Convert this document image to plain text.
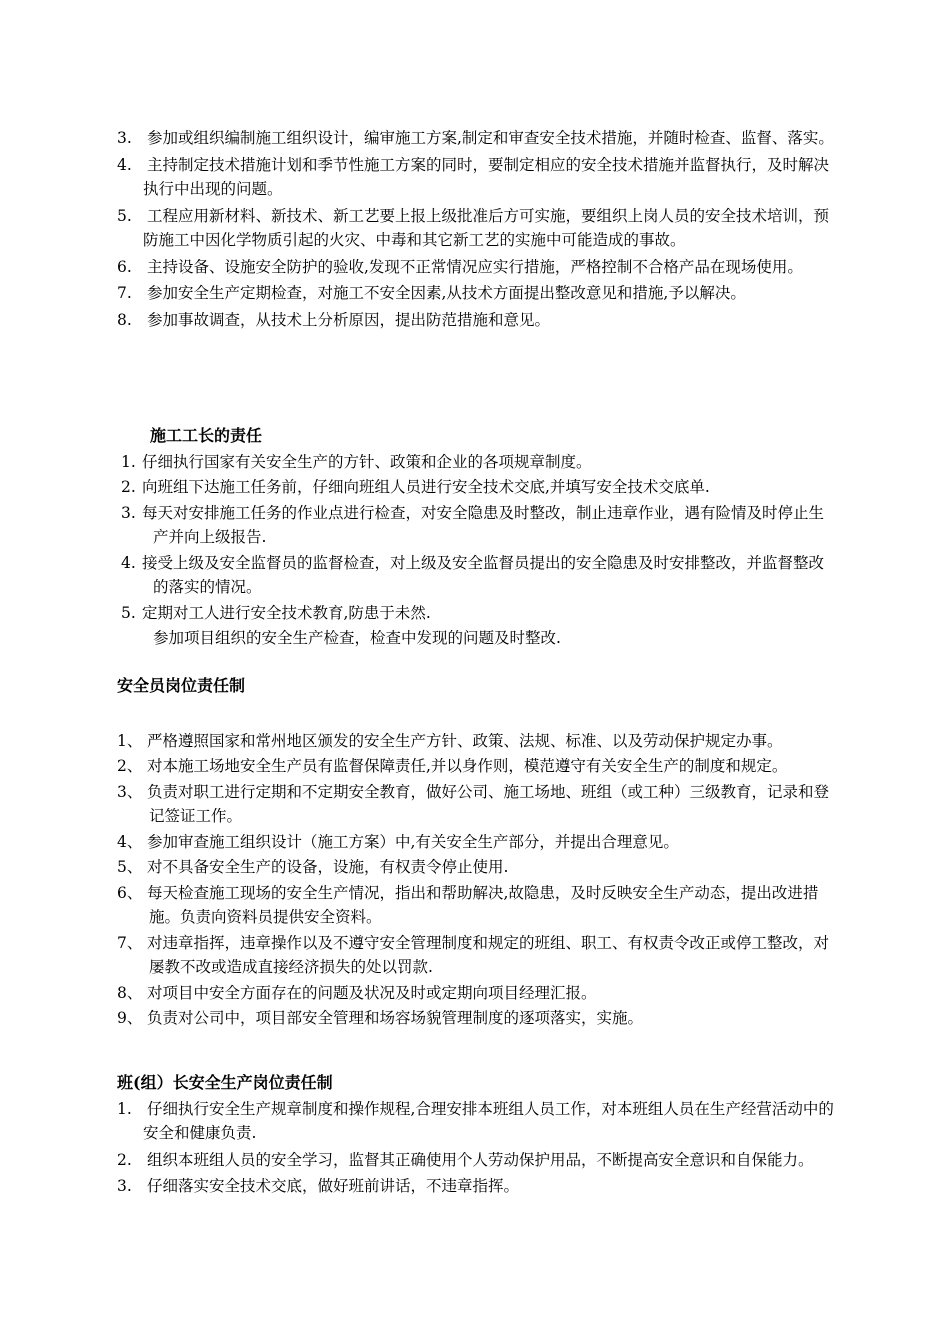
3. 参加或组织编制施工组织设计，编审施工方案,制定和审查安全技术措施，并随时检查、监督、落实。
4. 主持制定技术措施计划和季节性施工方案的同时，要制定相应的安全技术措施并监督执行，及时解决执行中出现的问题。
5. 工程应用新材料、新技术、新工艺要上报上级批准后方可实施，要组织上岗人员的安全技术培训，预防施工中因化学物质引起的火灾、中毒和其它新工艺的实施中可能造成的事故。
6. 主持设备、设施安全防护的验收,发现不正常情况应实行措施，严格控制不合格产品在现场使用。
7. 参加安全生产定期检查，对施工不安全因素,从技术方面提出整改意见和措施,予以解决。
8. 参加事故调查，从技术上分析原因，提出防范措施和意见。
施工工长的责任
1. 仔细执行国家有关安全生产的方针、政策和企业的各项规章制度。
2. 向班组下达施工任务前，仔细向班组人员进行安全技术交底,并填写安全技术交底单.
3. 每天对安排施工任务的作业点进行检查，对安全隐患及时整改，制止违章作业，遇有险情及时停止生产并向上级报告.
4. 接受上级及安全监督员的监督检查，对上级及安全监督员提出的安全隐患及时安排整改，并监督整改的落实的情况。
5. 定期对工人进行安全技术教育,防患于未然.
参加项目组织的安全生产检查，检查中发现的问题及时整改.
安全员岗位责任制
1、 严格遵照国家和常州地区颁发的安全生产方针、政策、法规、标准、以及劳动保护规定办事。
2、 对本施工场地安全生产员有监督保障责任,并以身作则，模范遵守有关安全生产的制度和规定。
3、 负责对职工进行定期和不定期安全教育，做好公司、施工场地、班组（或工种）三级教育，记录和登记签证工作。
4、 参加审查施工组织设计（施工方案）中,有关安全生产部分，并提出合理意见。
5、 对不具备安全生产的设备，设施，有权责令停止使用.
6、 每天检查施工现场的安全生产情况，指出和帮助解决,故隐患，及时反映安全生产动态，提出改进措施。负责向资料员提供安全资料。
7、 对违章指挥，违章操作以及不遵守安全管理制度和规定的班组、职工、有权责令改正或停工整改，对屡教不改或造成直接经济损失的处以罚款.
8、 对项目中安全方面存在的问题及状况及时或定期向项目经理汇报。
9、 负责对公司中，项目部安全管理和场容场貌管理制度的逐项落实，实施。
班(组）长安全生产岗位责任制
1. 仔细执行安全生产规章制度和操作规程,合理安排本班组人员工作，对本班组人员在生产经营活动中的安全和健康负责.
2. 组织本班组人员的安全学习，监督其正确使用个人劳动保护用品，不断提高安全意识和自保能力。
3. 仔细落实安全技术交底，做好班前讲话，不违章指挥。
